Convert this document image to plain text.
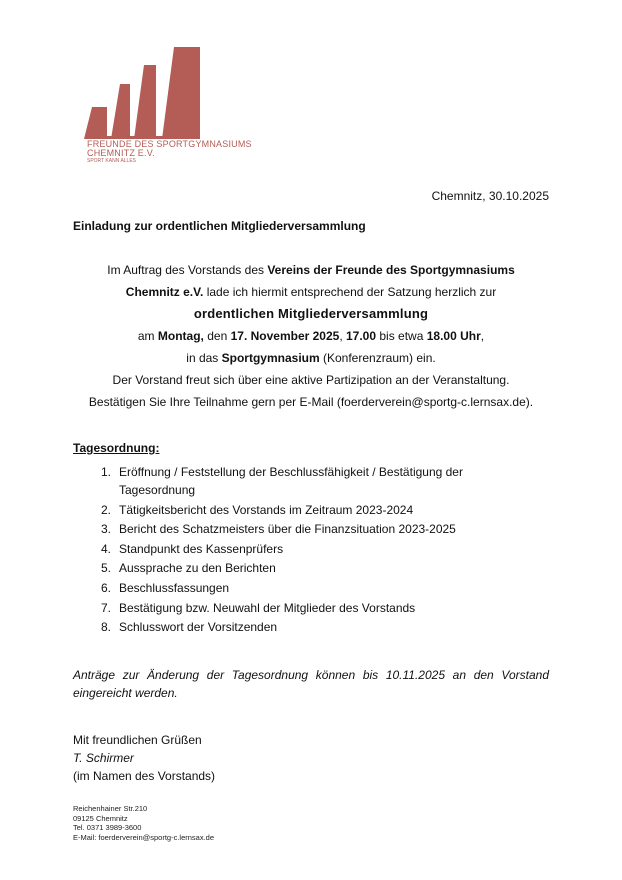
FREUNDE DES SPORTGYMNASIUMS
CHEMNITZ E.V.
SPORT KANN ALLES
Chemnitz, 30.10.2025
Einladung zur ordentlichen Mitgliederversammlung
Im Auftrag des Vorstands des Vereins der Freunde des Sportgymnasiums
Chemnitz e.V. lade ich hiermit entsprechend der Satzung herzlich zur
ordentlichen Mitgliederversammlung
am Montag, den 17. November 2025, 17.00 bis etwa 18.00 Uhr,
in das Sportgymnasium (Konferenzraum) ein.
Der Vorstand freut sich über eine aktive Partizipation an der Veranstaltung.
Bestätigen Sie Ihre Teilnahme gern per E-Mail (foerderverein@sportg-c.lernsax.de).
Tagesordnung:
1. Eröffnung / Feststellung der Beschlussfähigkeit / Bestätigung der Tagesordnung
2. Tätigkeitsbericht des Vorstands im Zeitraum 2023-2024
3. Bericht des Schatzmeisters über die Finanzsituation 2023-2025
4. Standpunkt des Kassenprüfers
5. Aussprache zu den Berichten
6. Beschlussfassungen
7. Bestätigung bzw. Neuwahl der Mitglieder des Vorstands
8. Schlusswort der Vorsitzenden
Anträge zur Änderung der Tagesordnung können bis 10.11.2025 an den Vorstand eingereicht werden.
Mit freundlichen Grüßen
T. Schirmer
(im Namen des Vorstands)
Reichenhainer Str.210
09125 Chemnitz
Tel. 0371 3989-3600
E-Mail: foerderverein@sportg-c.lernsax.de
